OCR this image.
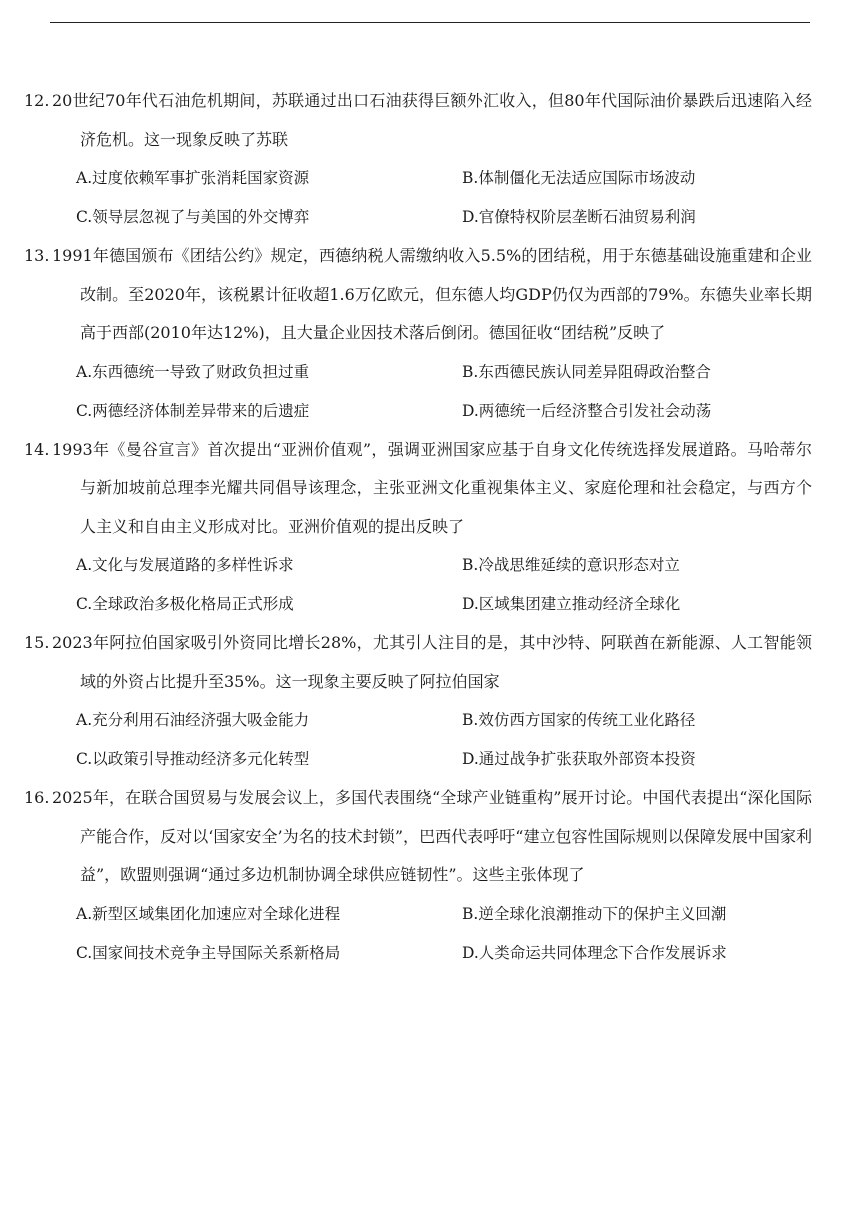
12. 20世纪70年代石油危机期间，苏联通过出口石油获得巨额外汇收入，但80年代国际油价暴跌后迅速陷入经济危机。这一现象反映了苏联
A.过度依赖军事扩张消耗国家资源	B.体制僵化无法适应国际市场波动
C.领导层忽视了与美国的外交博弈	D.官僚特权阶层垄断石油贸易利润
13. 1991年德国颁布《团结公约》规定，西德纳税人需缴纳收入5.5%的团结税，用于东德基础设施重建和企业改制。至2020年，该税累计征收超1.6万亿欧元，但东德人均GDP仍仅为西部的79%。东德失业率长期高于西部(2010年达12%)，且大量企业因技术落后倒闭。德国征收“团结税”反映了
A.东西德统一导致了财政负担过重	B.东西德民族认同差异阻碍政治整合
C.两德经济体制差异带来的后遗症	D.两德统一后经济整合引发社会动荡
14. 1993年《曼谷宣言》首次提出“亚洲价值观”，强调亚洲国家应基于自身文化传统选择发展道路。马哈蒂尔与新加坡前总理李光耀共同倡导该理念，主张亚洲文化重视集体主义、家庭伦理和社会稳定，与西方个人主义和自由主义形成对比。亚洲价值观的提出反映了
A.文化与发展道路的多样性诉求	B.冷战思维延续的意识形态对立
C.全球政治多极化格局正式形成	D.区域集团建立推动经济全球化
15. 2023年阿拉伯国家吸引外资同比增长28%，尤其引人注目的是，其中沙特、阿联酋在新能源、人工智能领域的外资占比提升至35%。这一现象主要反映了阿拉伯国家
A.充分利用石油经济强大吸金能力	B.效仿西方国家的传统工业化路径
C.以政策引导推动经济多元化转型	D.通过战争扩张获取外部资本投资
16. 2025年，在联合国贸易与发展会议上，多国代表围绕“全球产业链重构”展开讨论。中国代表提出“深化国际产能合作，反对以‘国家安全’为名的技术封锁”，巴西代表呼吁“建立包容性国际规则以保障发展中国家利益”，欧盟则强调“通过多边机制协调全球供应链韧性”。这些主张体现了
A.新型区域集团化加速应对全球化进程	B.逆全球化浪潮推动下的保护主义回潮
C.国家间技术竞争主导国际关系新格局	D.人类命运共同体理念下合作发展诉求
